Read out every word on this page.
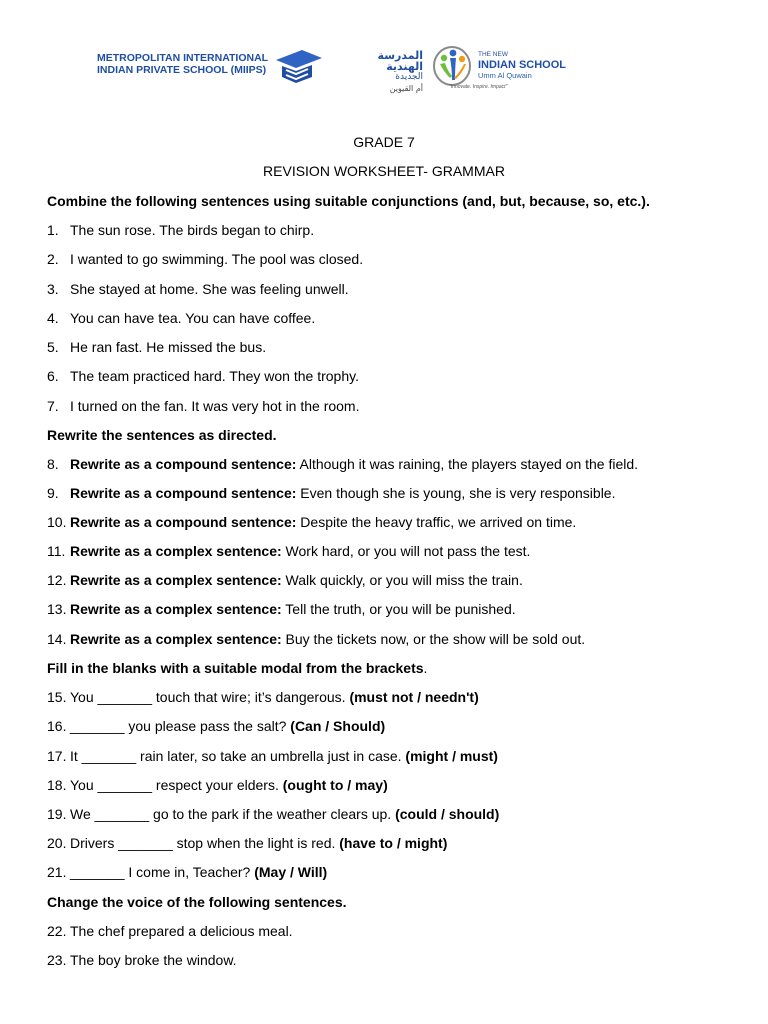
METROPOLITAN INTERNATIONAL
INDIAN PRIVATE SCHOOL (MIIPS)
المدرسة الهندية
الجديدة
أم القيوين
THE NEW
INDIAN SCHOOL
Umm Al Quwain
"Innovate. Inspire. Impact"
GRADE 7
REVISION WORKSHEET- GRAMMAR
Combine the following sentences using suitable conjunctions (and, but, because, so, etc.).
1. The sun rose. The birds began to chirp.
2. I wanted to go swimming. The pool was closed.
3. She stayed at home. She was feeling unwell.
4. You can have tea. You can have coffee.
5. He ran fast. He missed the bus.
6. The team practiced hard. They won the trophy.
7. I turned on the fan. It was very hot in the room.
Rewrite the sentences as directed.
8. Rewrite as a compound sentence: Although it was raining, the players stayed on the field.
9. Rewrite as a compound sentence: Even though she is young, she is very responsible.
10. Rewrite as a compound sentence: Despite the heavy traffic, we arrived on time.
11. Rewrite as a complex sentence: Work hard, or you will not pass the test.
12. Rewrite as a complex sentence: Walk quickly, or you will miss the train.
13. Rewrite as a complex sentence: Tell the truth, or you will be punished.
14. Rewrite as a complex sentence: Buy the tickets now, or the show will be sold out.
Fill in the blanks with a suitable modal from the brackets.
15. You _______ touch that wire; it’s dangerous. (must not / needn't)
16. _______ you please pass the salt? (Can / Should)
17. It _______ rain later, so take an umbrella just in case. (might / must)
18. You _______ respect your elders. (ought to / may)
19. We _______ go to the park if the weather clears up. (could / should)
20. Drivers _______ stop when the light is red. (have to / might)
21. _______ I come in, Teacher? (May / Will)
Change the voice of the following sentences.
22. The chef prepared a delicious meal.
23. The boy broke the window.
